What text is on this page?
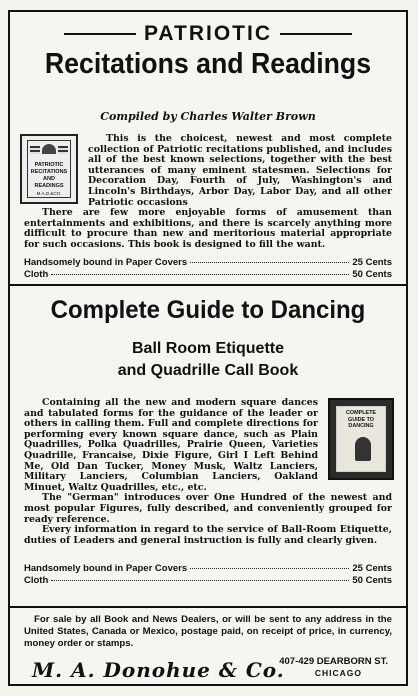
PATRIOTIC
Recitations and Readings
Compiled by Charles Walter Brown
PATRIOTIC RECITATIONS AND READINGS
M.A.D.&CO.

This is the choicest, newest and most complete collection of Patriotic recitations published, and includes all of the best known selections, together with the best utterances of many eminent statesmen. Selections for Decoration Day, Fourth of July, Washington's and Lincoln's Birthdays, Arbor Day, Labor Day, and all other Patriotic occasions

There are few more enjoyable forms of amusement than entertainments and exhibitions, and there is scarcely anything more difficult to procure than new and meritorious material appropriate for such occasions. This book is designed to fill the want.

Handsomely bound in Paper Covers	25 Cents
Cloth	50 Cents
Complete Guide to Dancing
Ball Room Etiquette
and Quadrille Call Book
COMPLETE GUIDE TO DANCING

Containing all the new and modern square dances and tabulated forms for the guidance of the leader or others in calling them. Full and complete directions for performing every known square dance, such as Plain Quadrilles, Polka Quadrilles, Prairie Queen, Varieties Quadrille, Francaise, Dixie Figure, Girl I Left Behind Me, Old Dan Tucker, Money Musk, Waltz Lanciers, Military Lanciers, Columbian Lanciers, Oakland Minuet, Waltz Quadrilles, etc., etc.

The "German" introduces over One Hundred of the newest and most popular Figures, fully described, and conveniently grouped for ready reference.

Every information in regard to the service of Ball-Room Etiquette, duties of Leaders and general instruction is fully and clearly given.

Handsomely bound in Paper Covers	25 Cents
Cloth	50 Cents
For sale by all Book and News Dealers, or will be sent to any address in the United States, Canada or Mexico, postage paid, on receipt of price, in currency, money order or stamps.
M. A. Donohue & Co.
407-429 DEARBORN ST.
CHICAGO
